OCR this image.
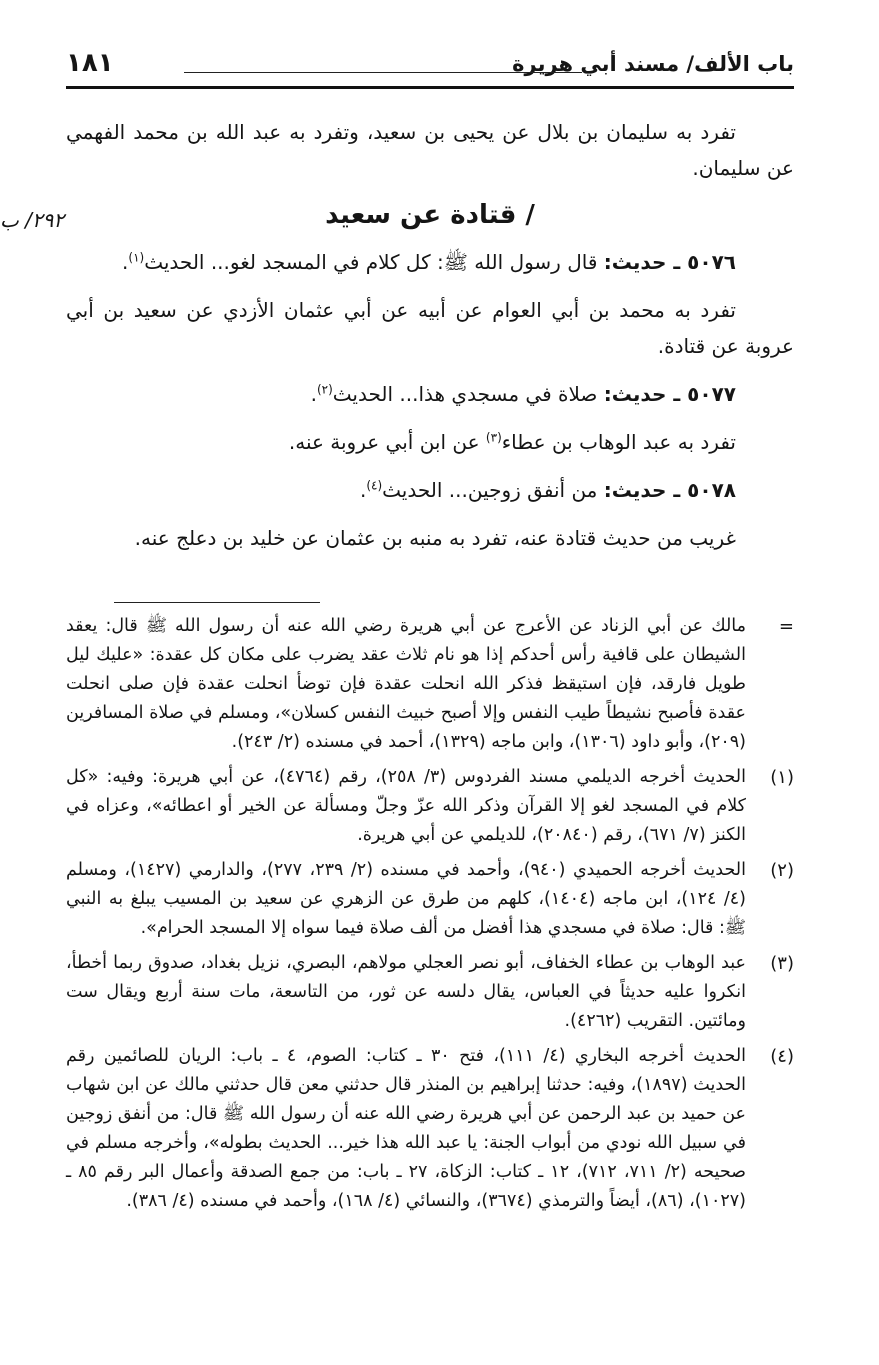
باب الألف/ مسند أبي هريرة
١٨١
٢٩٢/ ب

تفرد به سليمان بن بلال عن يحيى بن سعيد، وتفرد به عبد الله بن محمد الفهمي عن سليمان.

/ قتادة عن سعيد

٥٠٧٦ ـ حديث: قال رسول الله ﷺ: كل كلام في المسجد لغو... الحديث$^{(١)}$.

تفرد به محمد بن أبي العوام عن أبيه عن أبي عثمان الأزدي عن سعيد بن أبي عروبة عن قتادة.

٥٠٧٧ ـ حديث: صلاة في مسجدي هذا... الحديث$^{(٢)}$.

تفرد به عبد الوهاب بن عطاء$^{(٣)}$ عن ابن أبي عروبة عنه.

٥٠٧٨ ـ حديث: من أنفق زوجين... الحديث$^{(٤)}$.

غريب من حديث قتادة عنه، تفرد به منبه بن عثمان عن خليد بن دعلج عنه.

=

مالك عن أبي الزناد عن الأعرج عن أبي هريرة رضي الله عنه أن رسول الله ﷺ قال: يعقد الشيطان على قافية رأس أحدكم إذا هو نام ثلاث عقد يضرب على مكان كل عقدة: «عليك ليل طويل فارقد، فإن استيقظ فذكر الله انحلت عقدة فإن توضأ انحلت عقدة فإن صلى انحلت عقدة فأصبح نشيطاً طيب النفس وإلا أصبح خبيث النفس كسلان»، ومسلم في صلاة المسافرين (٢٠٩)، وأبو داود (١٣٠٦)، وابن ماجه (١٣٢٩)، أحمد في مسنده (٢/ ٢٤٣).

(١)

الحديث أخرجه الديلمي مسند الفردوس (٣/ ٢٥٨)، رقم (٤٧٦٤)، عن أبي هريرة: وفيه: «كل كلام في المسجد لغو إلا القرآن وذكر الله عزّ وجلّ ومسألة عن الخير أو اعطائه»، وعزاه في الكنز (٧/ ٦٧١)، رقم (٢٠٨٤٠)، للديلمي عن أبي هريرة.

(٢)

الحديث أخرجه الحميدي (٩٤٠)، وأحمد في مسنده (٢/ ٢٣٩، ٢٧٧)، والدارمي (١٤٢٧)، ومسلم (٤/ ١٢٤)، ابن ماجه (١٤٠٤)، كلهم من طرق عن الزهري عن سعيد بن المسيب يبلغ به النبي ﷺ: قال: صلاة في مسجدي هذا أفضل من ألف صلاة فيما سواه إلا المسجد الحرام».

(٣)

عبد الوهاب بن عطاء الخفاف، أبو نصر العجلي مولاهم، البصري، نزيل بغداد، صدوق ربما أخطأ، انكروا عليه حديثاً في العباس، يقال دلسه عن ثور، من التاسعة، مات سنة أربع ويقال ست ومائتين. التقريب (٤٢٦٢).

(٤)

الحديث أخرجه البخاري (٤/ ١١١)، فتح ٣٠ ـ كتاب: الصوم، ٤ ـ باب: الريان للصائمين رقم الحديث (١٨٩٧)، وفيه: حدثنا إبراهيم بن المنذر قال حدثني معن قال حدثني مالك عن ابن شهاب عن حميد بن عبد الرحمن عن أبي هريرة رضي الله عنه أن رسول الله ﷺ قال: من أنفق زوجين في سبيل الله نودي من أبواب الجنة: يا عبد الله هذا خير... الحديث بطوله»، وأخرجه مسلم في صحيحه (٢/ ٧١١، ٧١٢)، ١٢ ـ كتاب: الزكاة، ٢٧ ـ باب: من جمع الصدقة وأعمال البر رقم ٨٥ ـ (١٠٢٧)، (٨٦)، أيضاً والترمذي (٣٦٧٤)، والنسائي (٤/ ١٦٨)، وأحمد في مسنده (٤/ ٣٨٦).
